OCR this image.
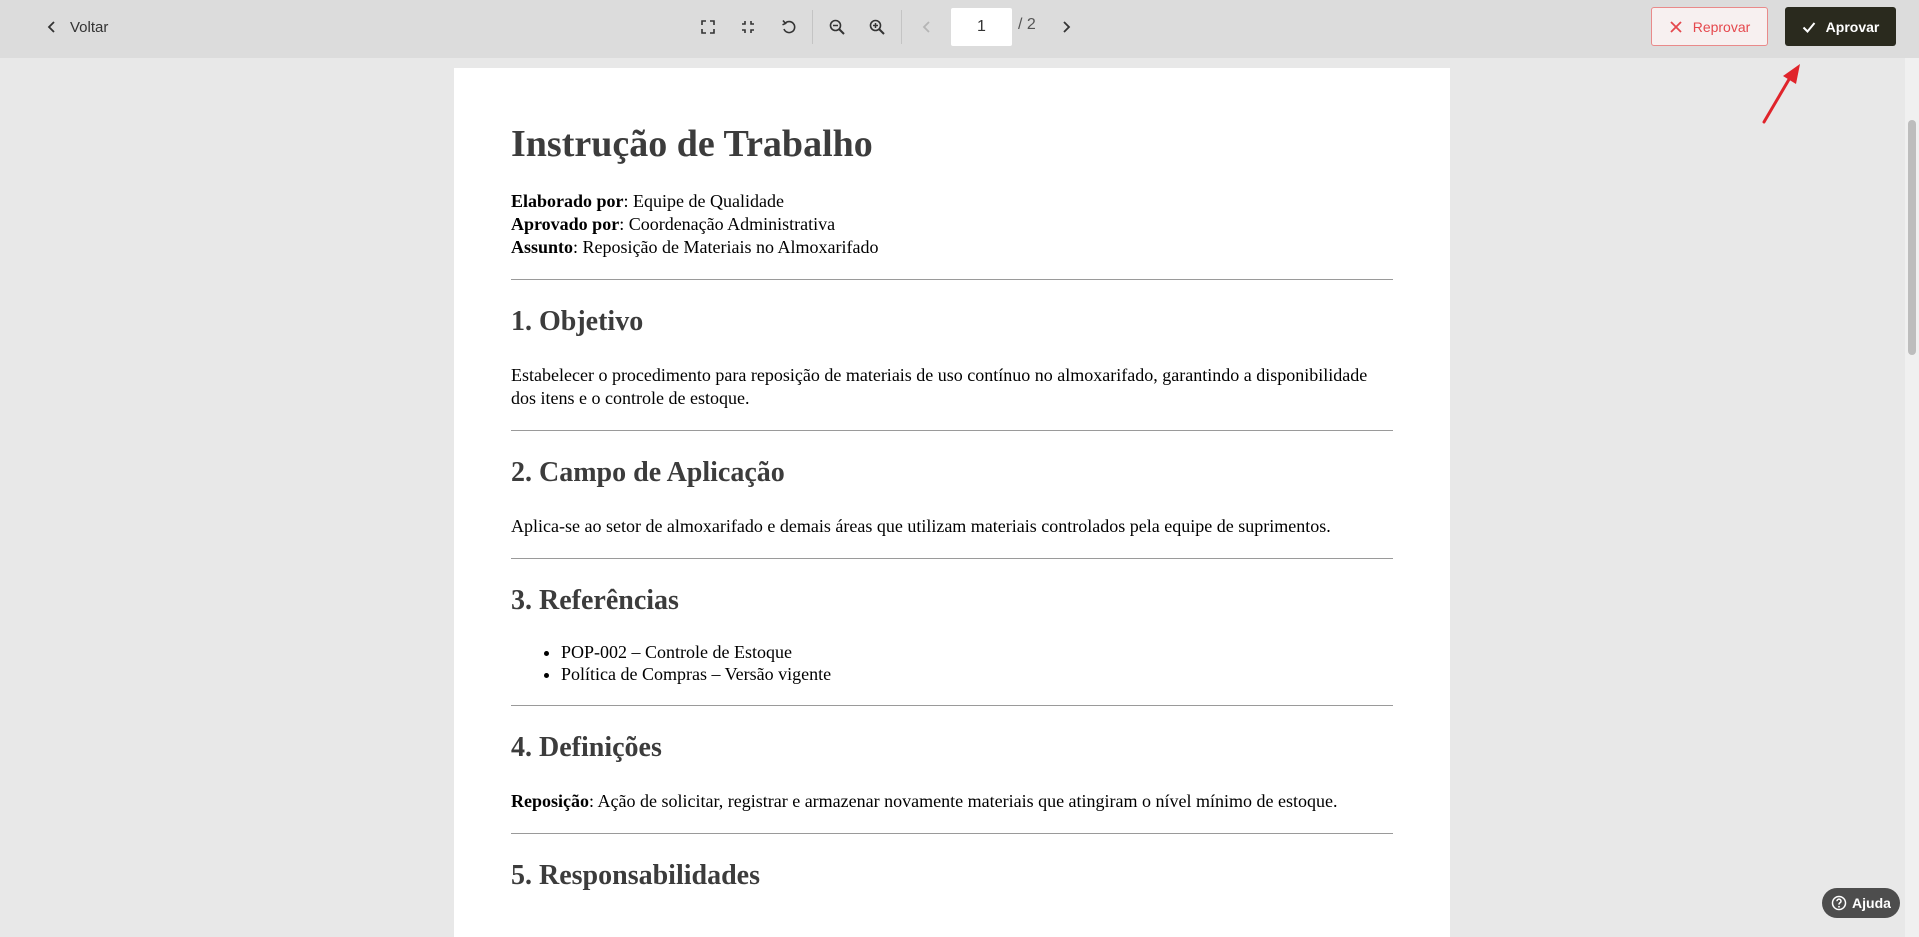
Voltar
1	/ 2	Reprovar	Aprovar
Instrução de Trabalho
Elaborado por: Equipe de Qualidade
Aprovado por: Coordenação Administrativa
Assunto: Reposição de Materiais no Almoxarifado
1. Objetivo

Estabelecer o procedimento para reposição de materiais de uso contínuo no almoxarifado, garantindo a disponibilidade dos itens e o controle de estoque.

2. Campo de Aplicação

Aplica-se ao setor de almoxarifado e demais áreas que utilizam materiais controlados pela equipe de suprimentos.

3. Referências
• POP-002 – Controle de Estoque
• Política de Compras – Versão vigente
4. Definições

Reposição: Ação de solicitar, registrar e armazenar novamente materiais que atingiram o nível mínimo de estoque.

5. Responsabilidades
Ajuda
